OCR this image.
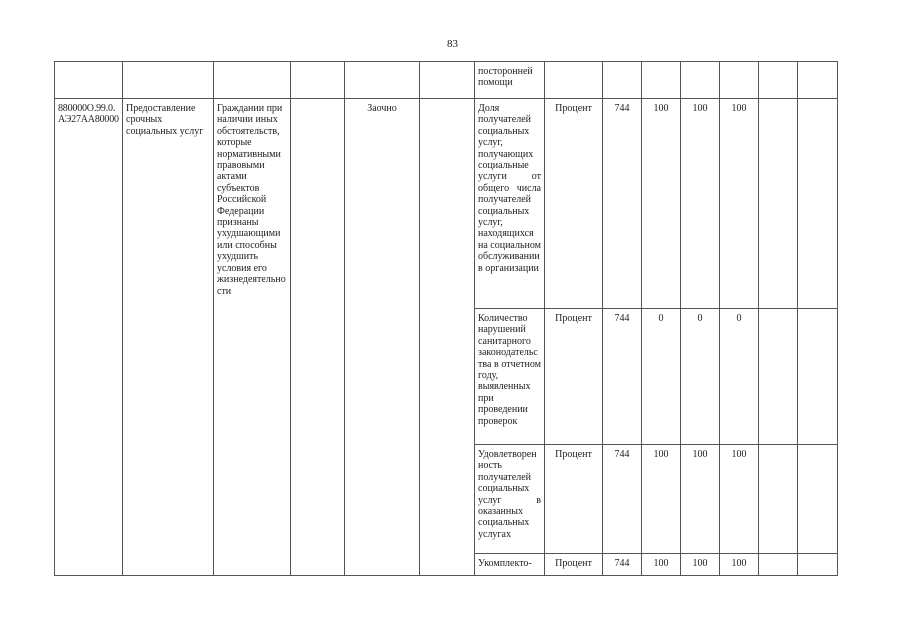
83
						посторонней помощи							
880000О.99.0.АЭ27АА80000	Предоставление срочных социальных услуг	Граждании при наличии иных обстоятельств, которые нормативными правовыми актами субъектов Российской Федерации признаны ухудшающими или способны ухудшить условия его жизнедеятельности		Заочно		Доля получателей социальных услуг, получающих социальные услуги от общего числа получателей социальных услуг, находящихся на социальном обслуживании в организации	Процент	744	100	100	100		
						Количество нарушений санитарного законодательства в отчетном году, выявленных при проведении проверок	Процент	744	0	0	0		
						Удовлетворенность получателей социальных услуг в оказанных социальных услугах	Процент	744	100	100	100		
						Укомплекто-	Процент	744	100	100	100		
